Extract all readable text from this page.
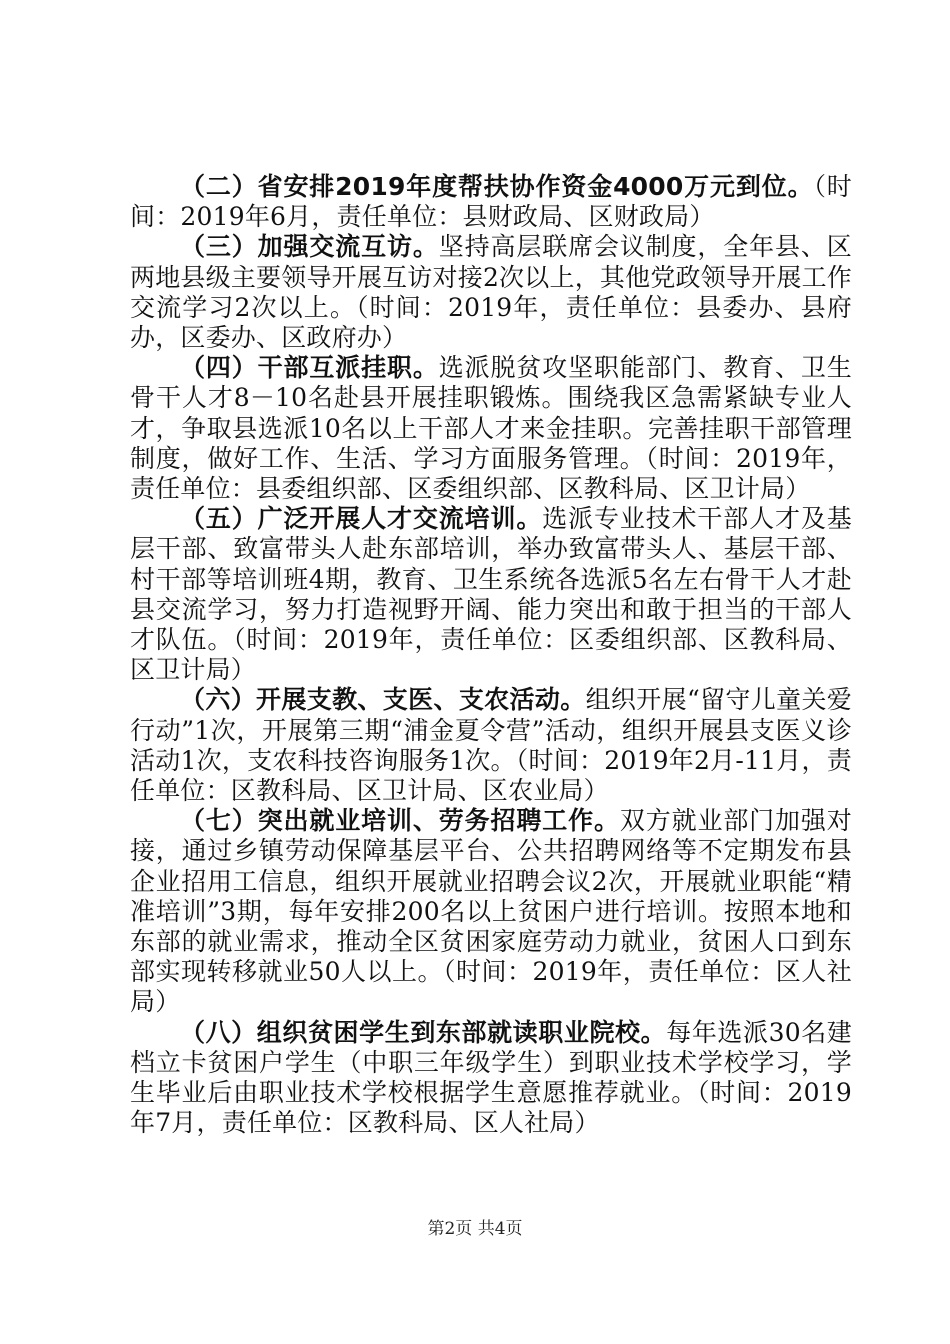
（二）省安排2019年度帮扶协作资金4000万元到位。（时间：2019年6月，责任单位：县财政局、区财政局）

（三）加强交流互访。坚持高层联席会议制度，全年县、区两地县级主要领导开展互访对接2次以上，其他党政领导开展工作交流学习2次以上。（时间：2019年，责任单位：县委办、县府办，区委办、区政府办）

（四）干部互派挂职。选派脱贫攻坚职能部门、教育、卫生骨干人才8－10名赴县开展挂职锻炼。围绕我区急需紧缺专业人才，争取县选派10名以上干部人才来金挂职。完善挂职干部管理制度，做好工作、生活、学习方面服务管理。（时间：2019年，责任单位：县委组织部、区委组织部、区教科局、区卫计局）

（五）广泛开展人才交流培训。选派专业技术干部人才及基层干部、致富带头人赴东部培训，举办致富带头人、基层干部、村干部等培训班4期，教育、卫生系统各选派5名左右骨干人才赴县交流学习，努力打造视野开阔、能力突出和敢于担当的干部人才队伍。（时间：2019年，责任单位：区委组织部、区教科局、区卫计局）

（六）开展支教、支医、支农活动。组织开展“留守儿童关爱行动”1次，开展第三期“浦金夏令营”活动，组织开展县支医义诊活动1次，支农科技咨询服务1次。（时间：2019年2月-11月，责任单位：区教科局、区卫计局、区农业局）

（七）突出就业培训、劳务招聘工作。双方就业部门加强对接，通过乡镇劳动保障基层平台、公共招聘网络等不定期发布县企业招用工信息，组织开展就业招聘会议2次，开展就业职能“精准培训”3期，每年安排200名以上贫困户进行培训。按照本地和东部的就业需求，推动全区贫困家庭劳动力就业，贫困人口到东部实现转移就业50人以上。（时间：2019年，责任单位：区人社局）

（八）组织贫困学生到东部就读职业院校。每年选派30名建档立卡贫困户学生（中职三年级学生）到职业技术学校学习，学生毕业后由职业技术学校根据学生意愿推荐就业。（时间：2019年7月，责任单位：区教科局、区人社局）

第2页 共4页
